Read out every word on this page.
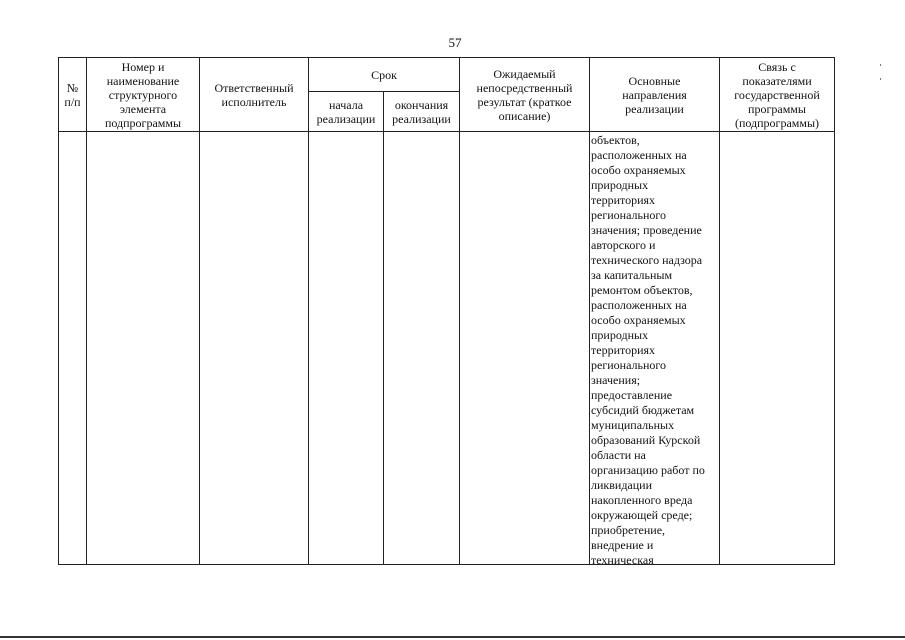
57
№
п/п
Номер и
наименование
структурного
элемента
подпрограммы
Ответственный
исполнитель
Срок
начала
реализации
окончания
реализации
Ожидаемый
непосредственный
результат (краткое
описание)
Основные
направления
реализации
Связь с
показателями
государственной
программы
(подпрограммы)
объектов,
расположенных на
особо охраняемых
природных
территориях
регионального
значения; проведение
авторского и
технического надзора
за капитальным
ремонтом объектов,
расположенных на
особо охраняемых
природных
территориях
регионального
значения;
предоставление
субсидий бюджетам
муниципальных
образований Курской
области на
организацию работ по
ликвидации
накопленного вреда
окружающей среде;
приобретение,
внедрение и
техническая
